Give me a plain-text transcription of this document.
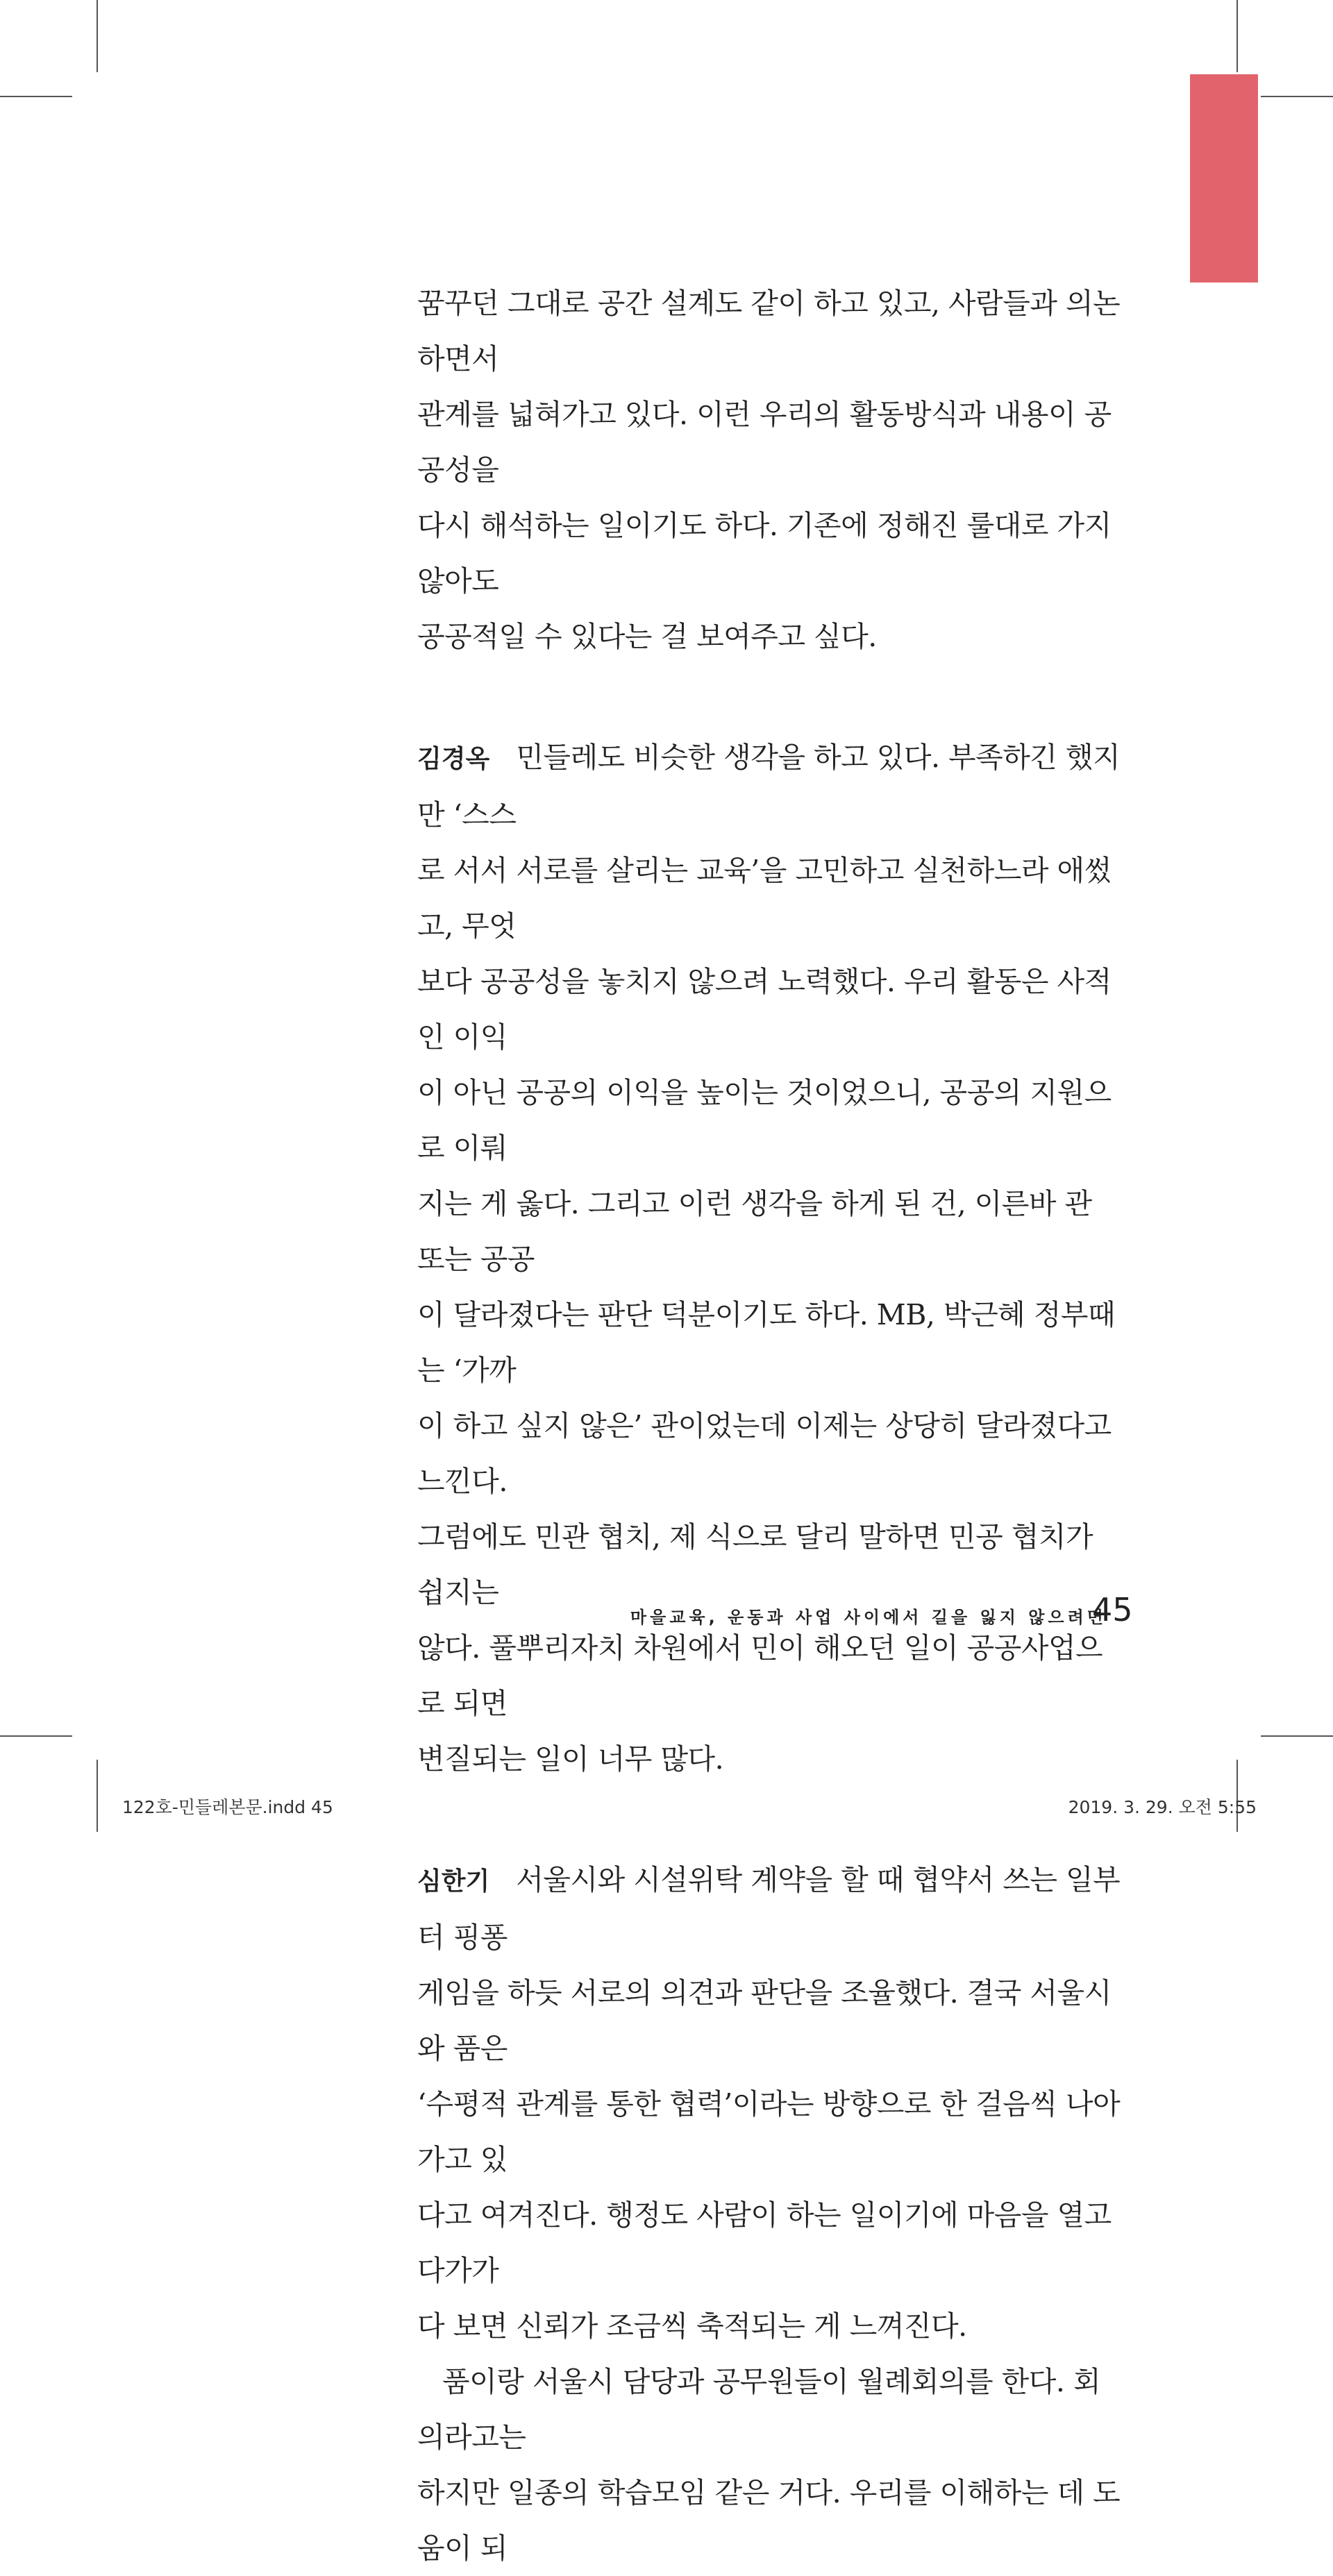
꿈꾸던 그대로 공간 설계도 같이 하고 있고, 사람들과 의논하면서
관계를 넓혀가고 있다. 이런 우리의 활동방식과 내용이 공공성을
다시 해석하는 일이기도 하다. 기존에 정해진 룰대로 가지 않아도
공공적일 수 있다는 걸 보여주고 싶다.

김경옥 민들레도 비슷한 생각을 하고 있다. 부족하긴 했지만 ‘스스
로 서서 서로를 살리는 교육’을 고민하고 실천하느라 애썼고, 무엇
보다 공공성을 놓치지 않으려 노력했다. 우리 활동은 사적인 이익
이 아닌 공공의 이익을 높이는 것이었으니, 공공의 지원으로 이뤄
지는 게 옳다. 그리고 이런 생각을 하게 된 건, 이른바 관 또는 공공
이 달라졌다는 판단 덕분이기도 하다. MB, 박근혜 정부때는 ‘가까
이 하고 싶지 않은’ 관이었는데 이제는 상당히 달라졌다고 느낀다.
그럼에도 민관 협치, 제 식으로 달리 말하면 민공 협치가 쉽지는
않다. 풀뿌리자치 차원에서 민이 해오던 일이 공공사업으로 되면
변질되는 일이 너무 많다.

심한기 서울시와 시설위탁 계약을 할 때 협약서 쓰는 일부터 핑퐁
게임을 하듯 서로의 의견과 판단을 조율했다. 결국 서울시와 품은
‘수평적 관계를 통한 협력’이라는 방향으로 한 걸음씩 나아가고 있
다고 여겨진다. 행정도 사람이 하는 일이기에 마음을 열고 다가가
다 보면 신뢰가 조금씩 축적되는 게 느껴진다.

품이랑 서울시 담당과 공무원들이 월례회의를 한다. 회의라고는
하지만 일종의 학습모임 같은 거다. 우리를 이해하는 데 도움이 되

마을교육, 운동과 사업 사이에서 길을 잃지 않으려면
45
122호-민들레본문.indd 45	2019. 3. 29. 오전 5:55
